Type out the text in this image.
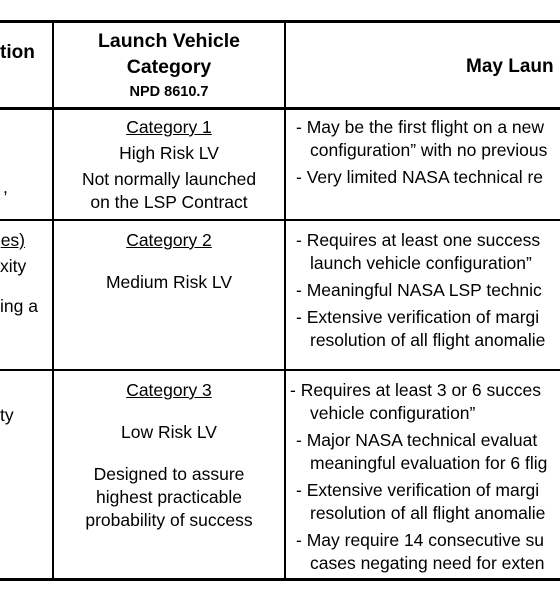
tion
Launch Vehicle
Category
NPD 8610.7
May Laun
,
Category 1
High Risk LV
Not normally launched
on the LSP Contract
- May be the first flight on a new
configuration” with no previous
- Very limited NASA technical re
es)
xity
ing a
Category 2
Medium Risk LV
- Requires at least one success
launch vehicle configuration”
- Meaningful NASA LSP technic
- Extensive verification of margi
resolution of all flight anomalie
ty
Category 3
Low Risk LV
Designed to assure
highest practicable
probability of success
- Requires at least 3 or 6 succes
vehicle configuration”
- Major NASA technical evaluat
meaningful evaluation for 6 flig
- Extensive verification of margi
resolution of all flight anomalie
- May require 14 consecutive su
cases negating need for exten
